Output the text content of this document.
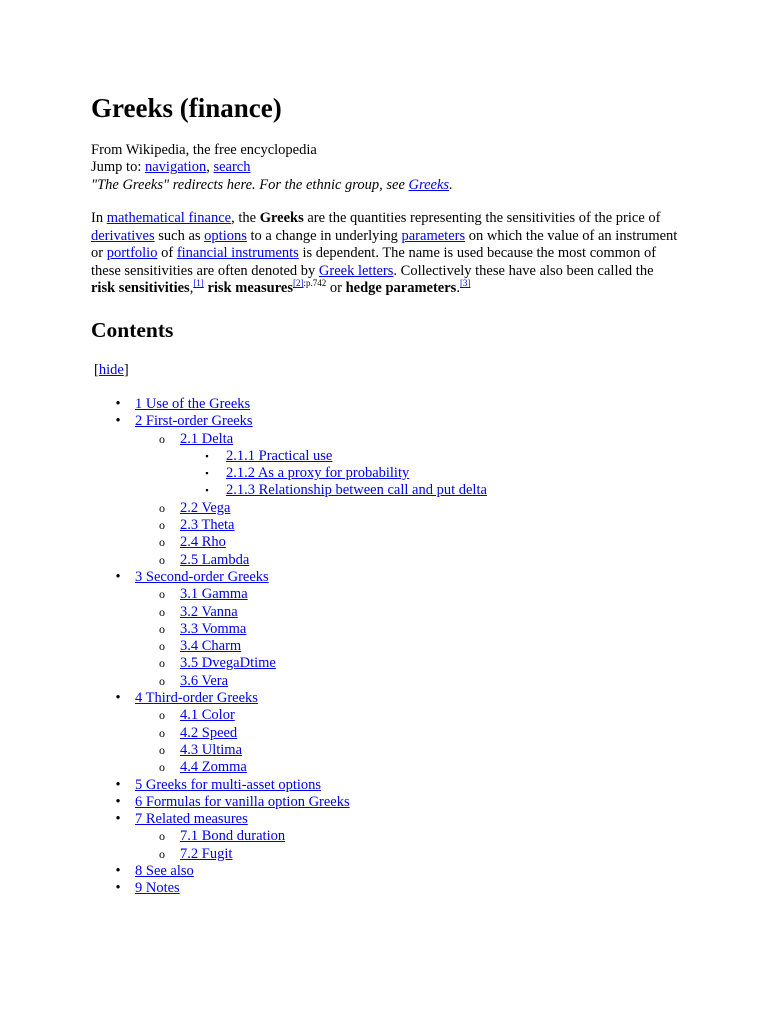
Greeks (finance)
From Wikipedia, the free encyclopedia
Jump to: navigation, search
"The Greeks" redirects here. For the ethnic group, see Greeks.
In mathematical finance, the Greeks are the quantities representing the sensitivities of the price of derivatives such as options to a change in underlying parameters on which the value of an instrument or portfolio of financial instruments is dependent. The name is used because the most common of these sensitivities are often denoted by Greek letters. Collectively these have also been called the risk sensitivities,[1] risk measures$^{[2]:p.742}$ or hedge parameters.[3]
Contents
[hide]
• 1 Use of the Greeks
• 2 First-order Greeks
o 2.1 Delta
▪ 2.1.1 Practical use
▪ 2.1.2 As a proxy for probability
▪ 2.1.3 Relationship between call and put delta
o 2.2 Vega
o 2.3 Theta
o 2.4 Rho
o 2.5 Lambda
• 3 Second-order Greeks
o 3.1 Gamma
o 3.2 Vanna
o 3.3 Vomma
o 3.4 Charm
o 3.5 DvegaDtime
o 3.6 Vera
• 4 Third-order Greeks
o 4.1 Color
o 4.2 Speed
o 4.3 Ultima
o 4.4 Zomma
• 5 Greeks for multi-asset options
• 6 Formulas for vanilla option Greeks
• 7 Related measures
o 7.1 Bond duration
o 7.2 Fugit
• 8 See also
• 9 Notes
